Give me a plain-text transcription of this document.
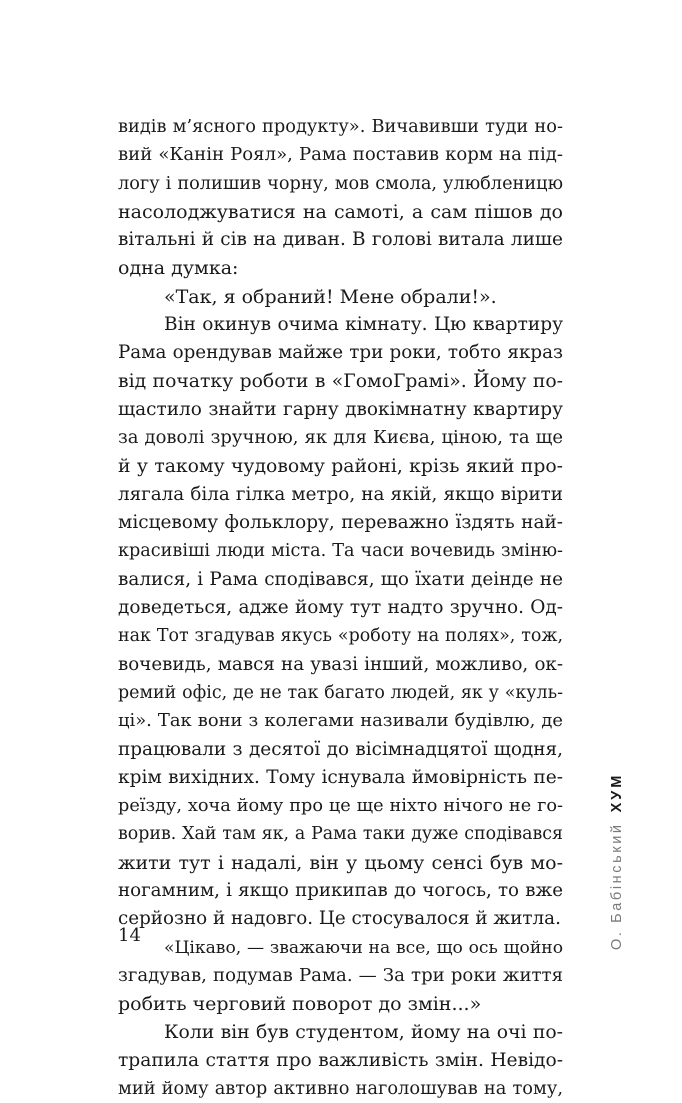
видів м’ясного продукту». Вичавивши туди но-
вий «Канін Роял», Рама поставив корм на під-
логу і полишив чорну, мов смола, улюбленицю
насолоджуватися на самоті, а сам пішов до
вітальні й сів на диван. В голові витала лише
одна думка:
«Так, я обраний! Мене обрали!».
Він окинув очима кімнату. Цю квартиру
Рама орендував майже три роки, тобто якраз
від початку роботи в «ГомоГрамі». Йому по-
щастило знайти гарну двокімнатну квартиру
за доволі зручною, як для Києва, ціною, та ще
й у такому чудовому районі, крізь який про-
лягала біла гілка метро, на якій, якщо вірити
місцевому фольклору, переважно їздять най-
красивіші люди міста. Та часи вочевидь зміню-
валися, і Рама сподівався, що їхати деінде не
доведеться, адже йому тут надто зручно. Од-
нак Тот згадував якусь «роботу на полях», тож,
вочевидь, мався на увазі інший, можливо, ок-
ремий офіс, де не так багато людей, як у «куль-
ці». Так вони з колегами називали будівлю, де
працювали з десятої до вісімнадцятої щодня,
крім вихідних. Тому існувала ймовірність пе-
реїзду, хоча йому про це ще ніхто нічого не го-
ворив. Хай там як, а Рама таки дуже сподівався
жити тут і надалі, він у цьому сенсі був мо-
ногамним, і якщо прикипав до чогось, то вже
серйозно й надовго. Це стосувалося й житла.
«Цікаво, — зважаючи на все, що ось щойно
згадував, подумав Рама. — За три роки життя
робить черговий поворот до змін...»
Коли він був студентом, йому на очі по-
трапила стаття про важливість змін. Невідо-
мий йому автор активно наголошував на тому,
14	О. БабінськийХУМ
